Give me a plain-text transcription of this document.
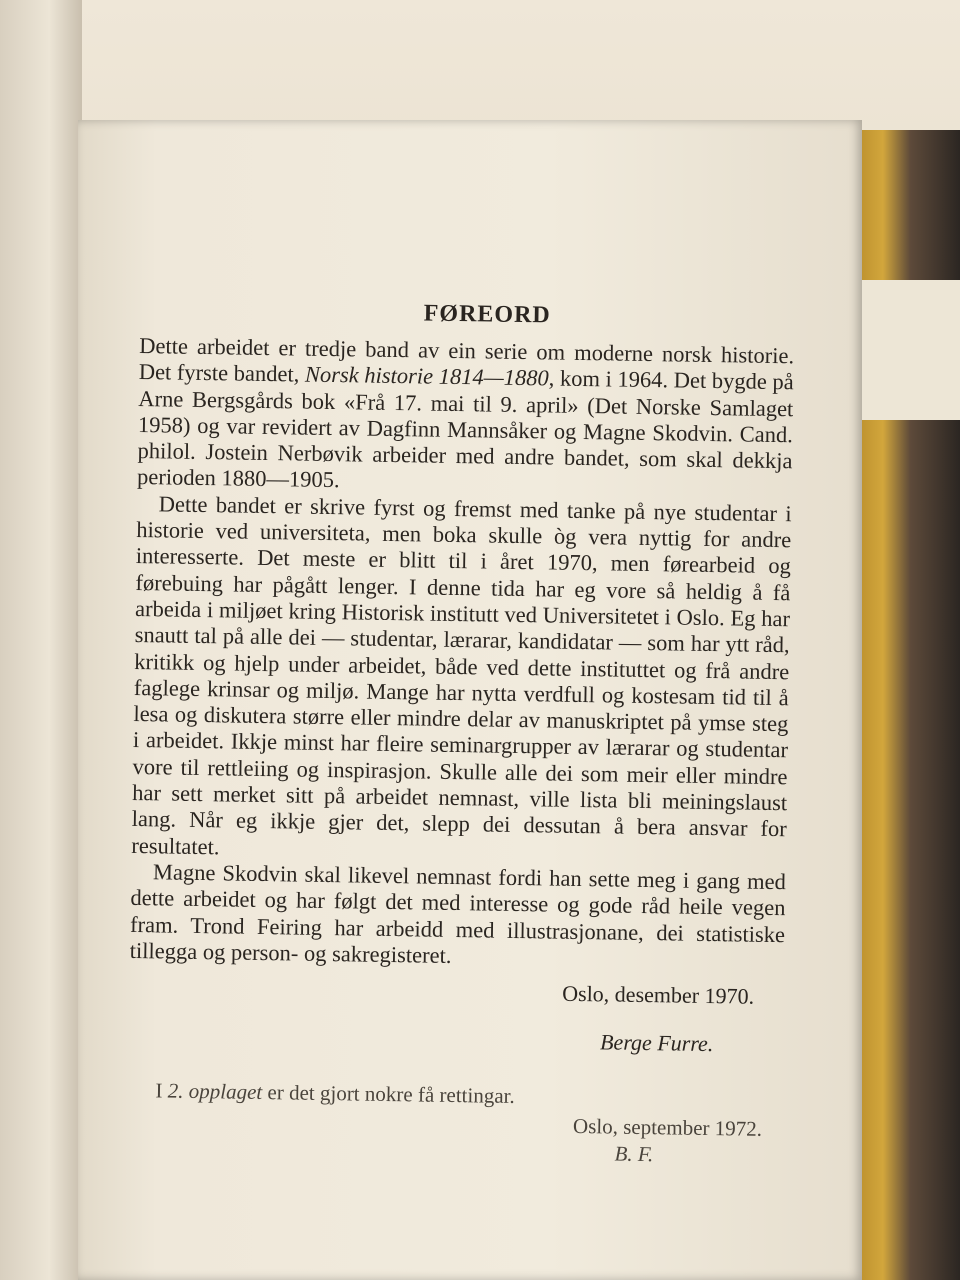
FØREORD

Dette arbeidet er tredje band av ein serie om moderne norsk historie. Det fyrste bandet, Norsk historie 1814—1880, kom i 1964. Det bygde på Arne Bergsgårds bok «Frå 17. mai til 9. april» (Det Norske Samlaget 1958) og var revidert av Dagfinn Mannsåker og Magne Skodvin. Cand. philol. Jostein Nerbøvik arbeider med andre bandet, som skal dekkja perioden 1880—1905.

Dette bandet er skrive fyrst og fremst med tanke på nye studentar i historie ved universiteta, men boka skulle òg vera nyttig for andre interesserte. Det meste er blitt til i året 1970, men førearbeid og førebuing har pågått lenger. I denne tida har eg vore så heldig å få arbeida i miljøet kring Historisk institutt ved Universitetet i Oslo. Eg har snautt tal på alle dei — studentar, lærarar, kandidatar — som har ytt råd, kritikk og hjelp under arbeidet, både ved dette instituttet og frå andre faglege krinsar og miljø. Mange har nytta verdfull og kostesam tid til å lesa og diskutera større eller mindre delar av manuskriptet på ymse steg i arbeidet. Ikkje minst har fleire seminargrupper av lærarar og studentar vore til rettleiing og inspirasjon. Skulle alle dei som meir eller mindre har sett merket sitt på arbeidet nemnast, ville lista bli meiningslaust lang. Når eg ikkje gjer det, slepp dei dessutan å bera ansvar for resultatet.

Magne Skodvin skal likevel nemnast fordi han sette meg i gang med dette arbeidet og har følgt det med interesse og gode råd heile vegen fram. Trond Feiring har arbeidd med illustrasjonane, dei statistiske tillegga og person- og sakregisteret.

Oslo, desember 1970.

Berge Furre.

I 2. opplaget er det gjort nokre få rettingar.

Oslo, september 1972.

B. F.
